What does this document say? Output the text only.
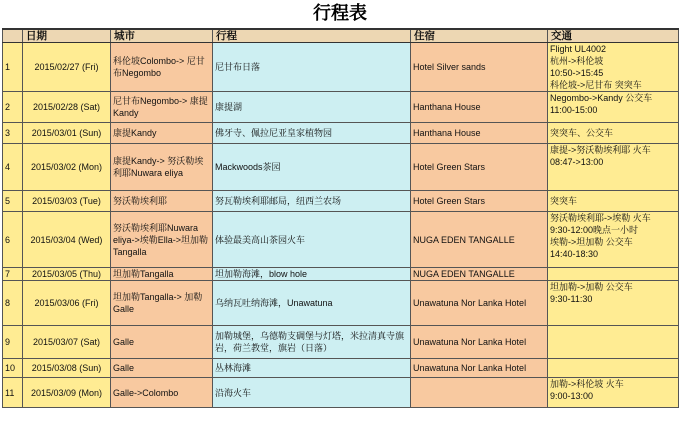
行程表
	日期	城市	行程	住宿	交通
1	2015/02/27 (Fri)	科伦坡Colombo-> 尼甘布Negombo	尼甘布日落	Hotel Silver sands	Flight UL4002
杭州->科伦坡
10:50->15:45
科伦坡->尼甘布 突突车

2	2015/02/28 (Sat)	尼甘布Negombo-> 康提Kandy	康提湖	Hanthana House	Negombo->Kandy 公交车
11:00-15:00

3	2015/03/01 (Sun)	康提Kandy	佛牙寺、佩拉尼亚皇家植物园	Hanthana House	突突车、公交车

4	2015/03/02 (Mon)	康提Kandy-> 努沃勒埃利耶Nuwara eliya	Mackwoods茶园	Hotel Green Stars	康提->努沃勒埃利耶 火车
08:47->13:00

5	2015/03/03 (Tue)	努沃勒埃利耶	努瓦勒埃利耶邮局，纽西兰农场	Hotel Green Stars	突突车

6	2015/03/04 (Wed)	努沃勒埃利耶Nuwara eliya->埃勒Ella->坦加勒Tangalla	体验最美高山茶园火车	NUGA EDEN TANGALLE	努沃勒埃利耶->埃勒 火车
9:30-12:00晚点一小时
埃勒->坦加勒 公交车
14:40-18:30

7	2015/03/05 (Thu)	坦加勒Tangalla	坦加勒海滩，blow hole	NUGA EDEN TANGALLE	
8	2015/03/06 (Fri)	坦加勒Tangalla-> 加勒Galle	乌纳瓦吐纳海滩，Unawatuna	Unawatuna Nor Lanka Hotel	坦加勒->加勒 公交车
9:30-11:30

9	2015/03/07 (Sat)	Galle	加勒城堡，乌德勒支碉堡与灯塔，米拉清真寺旗岩，荷兰教堂，旗岩（日落）	Unawatuna Nor Lanka Hotel	
10	2015/03/08 (Sun)	Galle	丛林海滩	Unawatuna Nor Lanka Hotel	
11	2015/03/09 (Mon)	Galle->Colombo	沿海火车		加勒->科伦坡 火车
9:00-13:00
